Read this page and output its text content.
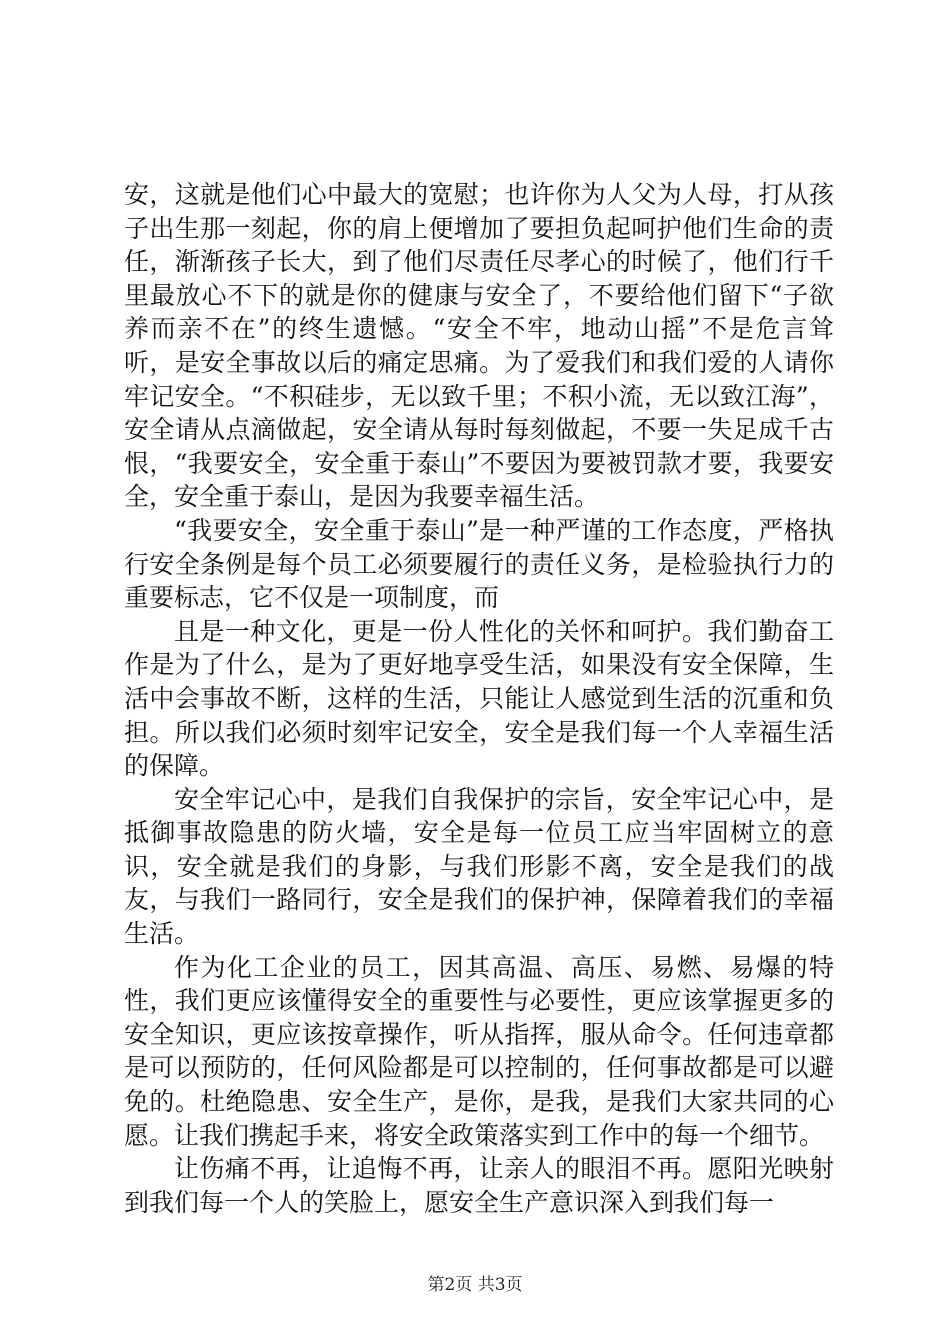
安，这就是他们心中最大的宽慰；也许你为人父为人母，打从孩子出生那一刻起，你的肩上便增加了要担负起呵护他们生命的责任，渐渐孩子长大，到了他们尽责任尽孝心的时候了，他们行千里最放心不下的就是你的健康与安全了，不要给他们留下“子欲养而亲不在”的终生遗憾。“安全不牢，地动山摇”不是危言耸听，是安全事故以后的痛定思痛。为了爱我们和我们爱的人请你牢记安全。“不积硅步，无以致千里；不积小流，无以致江海”，安全请从点滴做起，安全请从每时每刻做起，不要一失足成千古恨，“我要安全，安全重于泰山”不要因为要被罚款才要，我要安全，安全重于泰山，是因为我要幸福生活。

“我要安全，安全重于泰山”是一种严谨的工作态度，严格执行安全条例是每个员工必须要履行的责任义务，是检验执行力的重要标志，它不仅是一项制度，而

且是一种文化，更是一份人性化的关怀和呵护。我们勤奋工作是为了什么，是为了更好地享受生活，如果没有安全保障，生活中会事故不断，这样的生活，只能让人感觉到生活的沉重和负担。所以我们必须时刻牢记安全，安全是我们每一个人幸福生活的保障。

安全牢记心中，是我们自我保护的宗旨，安全牢记心中，是抵御事故隐患的防火墙，安全是每一位员工应当牢固树立的意识，安全就是我们的身影，与我们形影不离，安全是我们的战友，与我们一路同行，安全是我们的保护神，保障着我们的幸福生活。

作为化工企业的员工，因其高温、高压、易燃、易爆的特性，我们更应该懂得安全的重要性与必要性，更应该掌握更多的安全知识，更应该按章操作，听从指挥，服从命令。任何违章都是可以预防的，任何风险都是可以控制的，任何事故都是可以避免的。杜绝隐患、安全生产，是你，是我，是我们大家共同的心愿。让我们携起手来，将安全政策落实到工作中的每一个细节。

让伤痛不再，让追悔不再，让亲人的眼泪不再。愿阳光映射到我们每一个人的笑脸上，愿安全生产意识深入到我们每一

第2页 共3页
